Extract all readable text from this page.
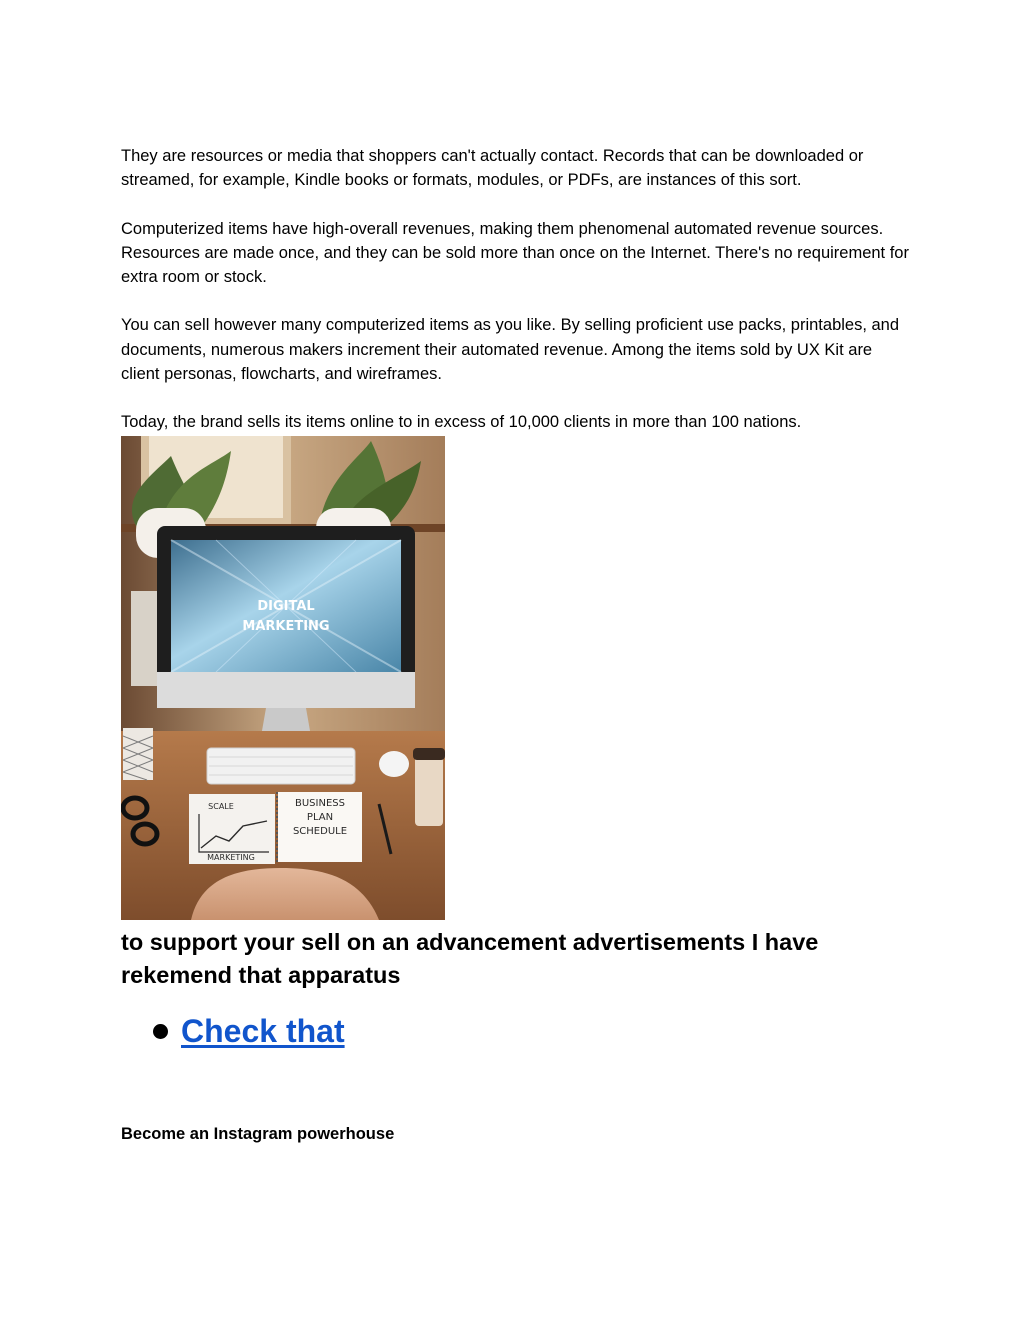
They are resources or media that shoppers can't actually contact. Records that can be downloaded or streamed, for example, Kindle books or formats, modules, or PDFs, are instances of this sort.

Computerized items have high-overall revenues, making them phenomenal automated revenue sources. Resources are made once, and they can be sold more than once on the Internet. There's no requirement for extra room or stock.

You can sell however many computerized items as you like. By selling proficient use packs, printables, and documents, numerous makers increment their automated revenue. Among the items sold by UX Kit are client personas, flowcharts, and wireframes.

Today, the brand sells its items online to in excess of 10,000 clients in more than 100 nations.

DIGITAL
MARKETING
SCALE
MARKETING
BUSINESS
PLAN
SCHEDULE
to support your sell on an advancement advertisements I have rekemend that apparatus
Check that

Become an Instagram powerhouse
